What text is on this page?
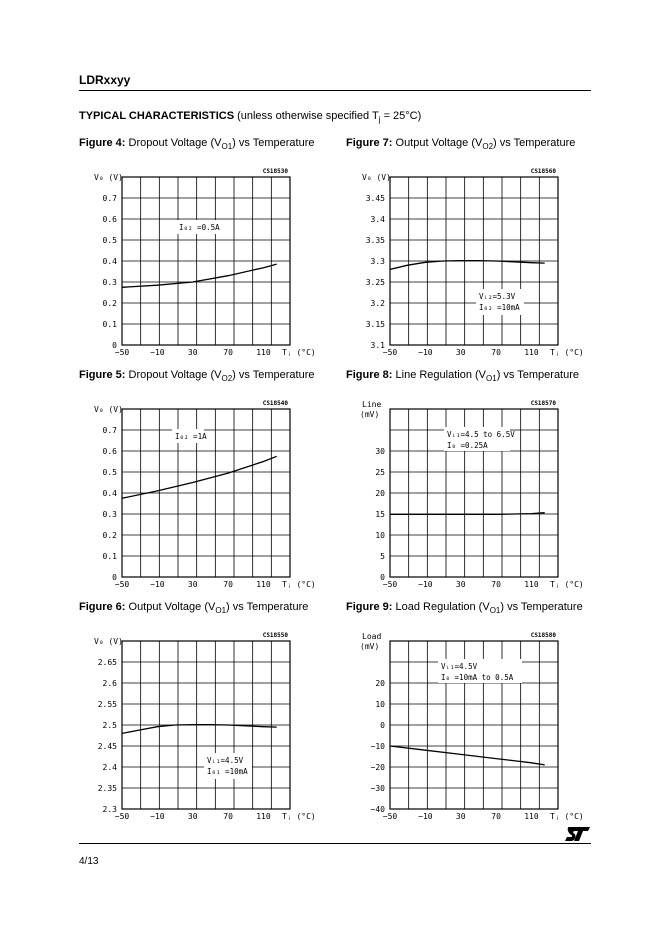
LDRxxyy
TYPICAL CHARACTERISTICS (unless otherwise specified $T_j = 25^\circ C$)
Figure 4: Dropout Voltage $(V_{O1})$ vs Temperature	Figure 7: Output Voltage $(V_{O2})$ vs Temperature
Figure 5: Dropout Voltage $(V_{O2})$ vs Temperature	Figure 8: Line Regulation $(V_{O1})$ vs Temperature
Figure 6: Output Voltage $(V_{O1})$ vs Temperature	Figure 9: Load Regulation $(V_{O1})$ vs Temperature
0
0.1
0.2
0.3
0.4
0.5
0.6
0.7
−50	−10	30	70	110 Tⱼ (°C)
V₀ (V)
CS18530
I₀₂ =0.5A
3.1
3.15
3.2
3.25
3.3
3.35
3.4
3.45
−50	−10	30	70	110 Tⱼ (°C)
V₀ (V)
CS18560
Vᵢ₂=5.3V
I₀₂ =10mA
0
0.1
0.2
0.3
0.4
0.5
0.6
0.7
−50	−10	30	70	110 Tⱼ (°C)
V₀ (V)
CS18540
I₀₂ =1A
0
5
10
15
20
25
30
−50	−10	30	70	110 Tⱼ (°C)
Line
(mV)
CS18570
Vᵢ₁=4.5 to 6.5V
I₀ =0.25A
2.3
2.35
2.4
2.45
2.5
2.55
2.6
2.65
−50	−10	30	70	110 Tⱼ (°C)
V₀ (V)
CS18550
Vᵢ₁=4.5V
I₀₁ =10mA
−40
−30
−20
−10
0
10
20
−50	−10	30	70	110 Tⱼ (°C)
Load
(mV)
CS18580
Vᵢ₁=4.5V
I₀ =10mA to 0.5A
4/13
